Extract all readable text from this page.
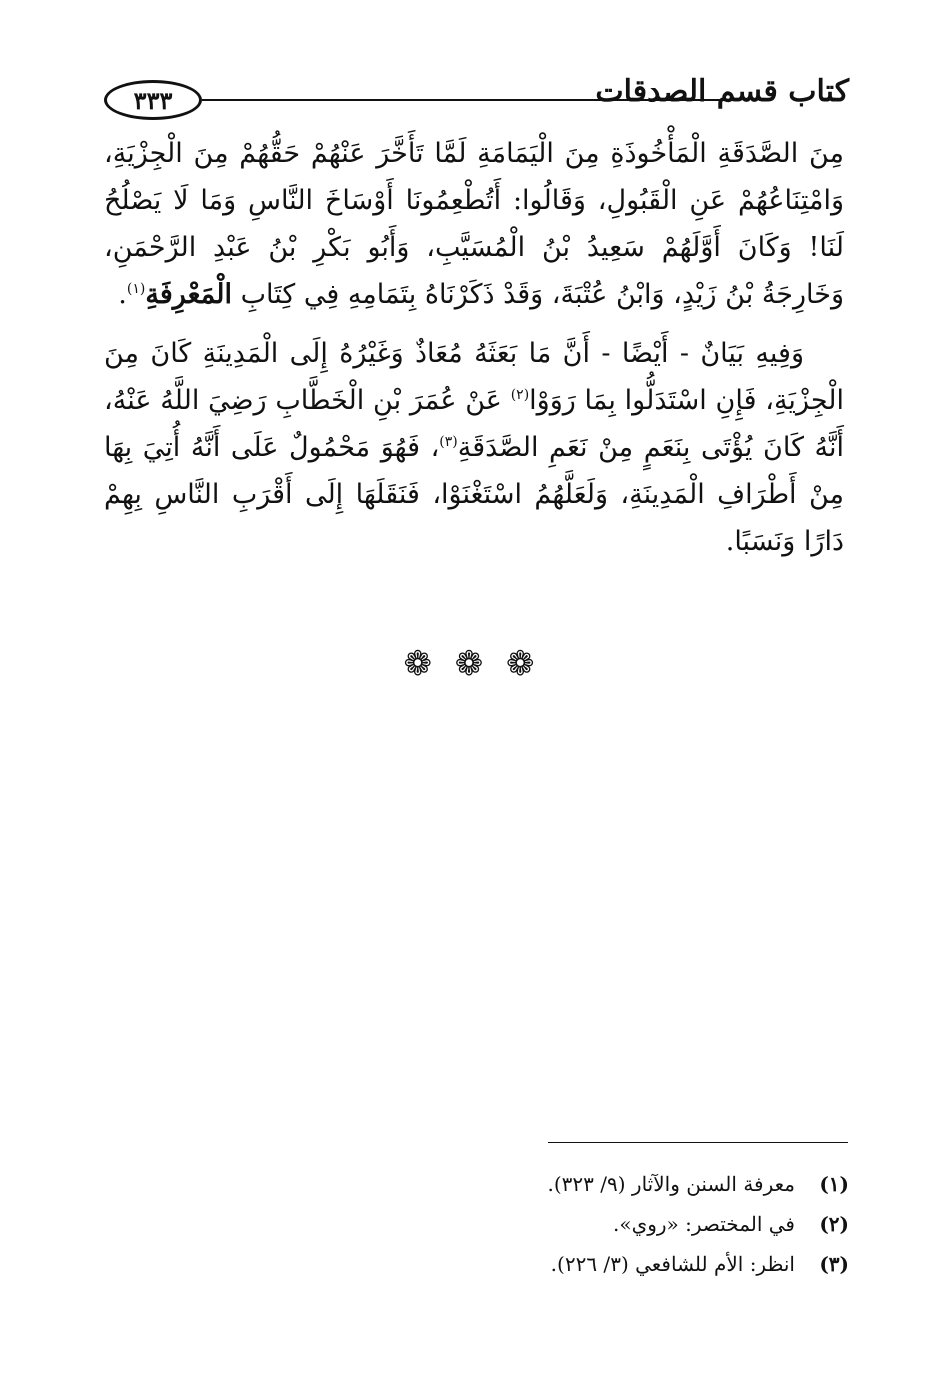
كتاب قسم الصدقات
٣٣٣

مِنَ الصَّدَقَةِ الْمَأْخُوذَةِ مِنَ الْيَمَامَةِ لَمَّا تَأَخَّرَ عَنْهُمْ حَقُّهُمْ مِنَ الْجِزْيَةِ، وَامْتِنَاعُهُمْ عَنِ الْقَبُولِ، وَقَالُوا: أَتُطْعِمُونَا أَوْسَاخَ النَّاسِ وَمَا لَا يَصْلُحُ لَنَا! وَكَانَ أَوَّلَهُمْ سَعِيدُ بْنُ الْمُسَيَّبِ، وَأَبُو بَكْرِ بْنُ عَبْدِ الرَّحْمَنِ، وَخَارِجَةُ بْنُ زَيْدٍ، وَابْنُ عُتْبَةَ، وَقَدْ ذَكَرْنَاهُ بِتَمَامِهِ فِي كِتَابِ الْمَعْرِفَةِ$^{(١)}$.

وَفِيهِ بَيَانٌ - أَيْضًا - أَنَّ مَا بَعَثَهُ مُعَاذٌ وَغَيْرُهُ إِلَى الْمَدِينَةِ كَانَ مِنَ الْجِزْيَةِ، فَإِنِ اسْتَدَلُّوا بِمَا رَوَوْا$^{(٢)}$ عَنْ عُمَرَ بْنِ الْخَطَّابِ رَضِيَ اللَّهُ عَنْهُ، أَنَّهُ كَانَ يُؤْتَى بِنَعَمٍ مِنْ نَعَمِ الصَّدَقَةِ$^{(٣)}$، فَهُوَ مَحْمُولٌ عَلَى أَنَّهُ أُتِيَ بِهَا مِنْ أَطْرَافِ الْمَدِينَةِ، وَلَعَلَّهُمُ اسْتَغْنَوْا، فَنَقَلَهَا إِلَى أَقْرَبِ النَّاسِ بِهِمْ دَارًا وَنَسَبًا.

❁ ❁ ❁
(١)
معرفة السنن والآثار (٩/ ٣٢٣).
(٢)
في المختصر: «روي».
(٣)
انظر: الأم للشافعي (٣/ ٢٢٦).
